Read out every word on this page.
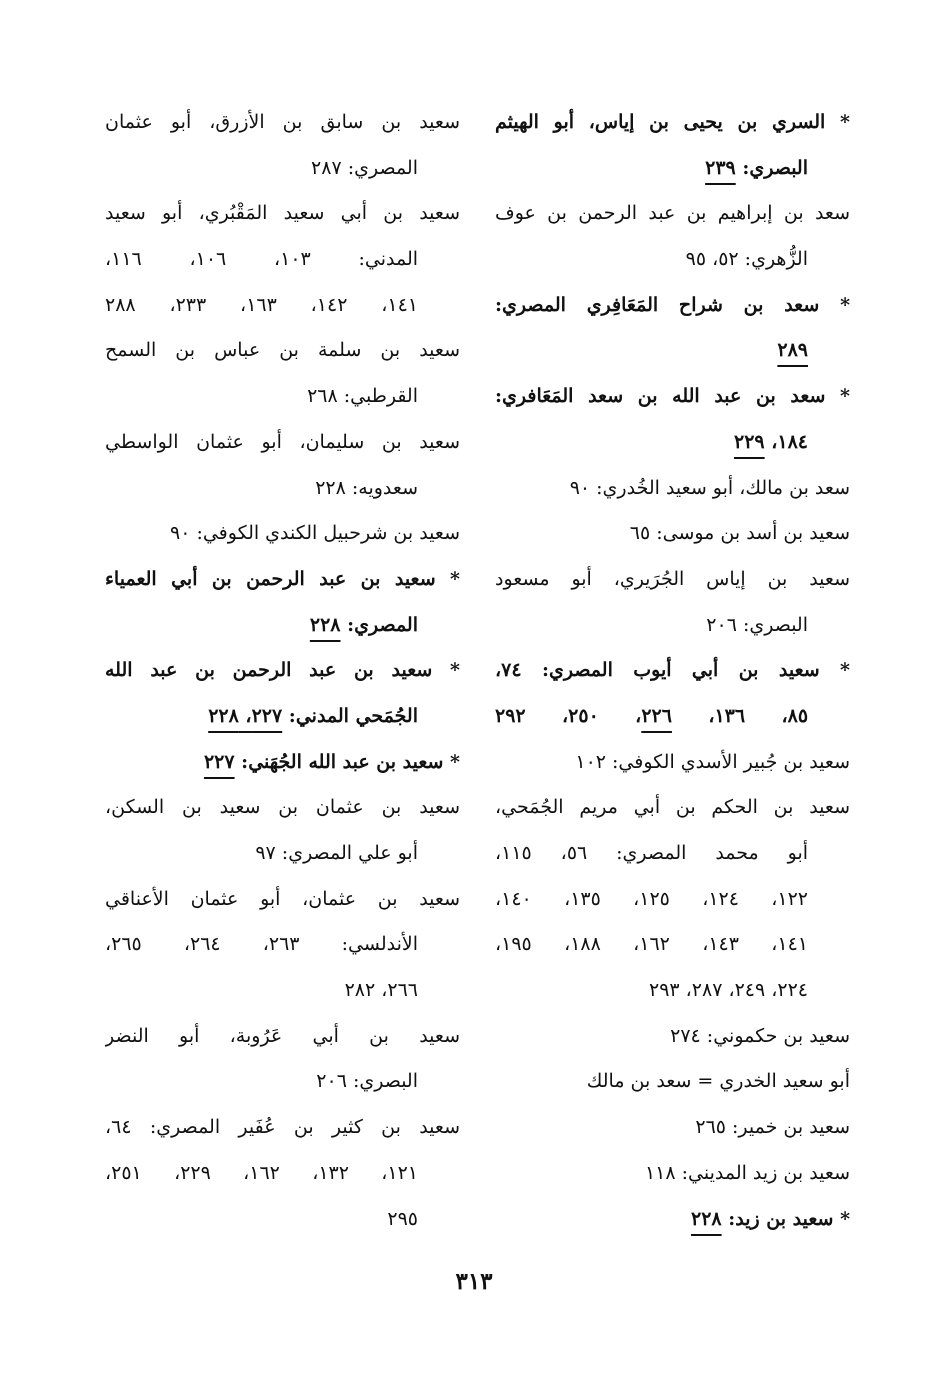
* السري بن يحيى بن إياس، أبو الهيثم
البصري: ٢٣٩
سعد بن إبراهيم بن عبد الرحمن بن عوف
الزُّهري: ٥٢، ٩٥
* سعد بن شراح المَعَافِري المصري:
٢٨٩
* سعد بن عبد الله بن سعد المَعَافري:
١٨٤، ٢٢٩
سعد بن مالك، أبو سعيد الخُدري: ٩٠
سعيد بن أسد بن موسى: ٦٥
سعيد بن إياس الجُرَيري، أبو مسعود
البصري: ٢٠٦
* سعيد بن أبي أيوب المصري: ٧٤،
٨٥، ١٣٦، ٢٢٦، ٢٥٠، ٢٩٢
سعيد بن جُبير الأسدي الكوفي: ١٠٢
سعيد بن الحكم بن أبي مريم الجُمَحي،
أبو محمد المصري: ٥٦، ١١٥،
١٢٢، ١٢٤، ١٢٥، ١٣٥، ١٤٠،
١٤١، ١٤٣، ١٦٢، ١٨٨، ١٩٥،
٢٢٤، ٢٤٩، ٢٨٧، ٢٩٣
سعيد بن حكموني: ٢٧٤
أبو سعيد الخدري = سعد بن مالك
سعيد بن خمير: ٢٦٥
سعيد بن زيد المديني: ١١٨
* سعيد بن زيد: ٢٢٨
سعيد بن سابق بن الأزرق، أبو عثمان
المصري: ٢٨٧
سعيد بن أبي سعيد المَقْبُري، أبو سعيد
المدني: ١٠٣، ١٠٦، ١١٦،
١٤١، ١٤٢، ١٦٣، ٢٣٣، ٢٨٨
سعيد بن سلمة بن عباس بن السمح
القرطبي: ٢٦٨
سعيد بن سليمان، أبو عثمان الواسطي
سعدويه: ٢٢٨
سعيد بن شرحبيل الكندي الكوفي: ٩٠
* سعيد بن عبد الرحمن بن أبي العمياء
المصري: ٢٢٨
* سعيد بن عبد الرحمن بن عبد الله
الجُمَحي المدني: ٢٢٧، ٢٢٨
* سعيد بن عبد الله الجُهَني: ٢٢٧
سعيد بن عثمان بن سعيد بن السكن،
أبو علي المصري: ٩٧
سعيد بن عثمان، أبو عثمان الأعناقي
الأندلسي: ٢٦٣، ٢٦٤، ٢٦٥،
٢٦٦، ٢٨٢
سعيد بن أبي عَرُوبة، أبو النضر
البصري: ٢٠٦
سعيد بن كثير بن عُفَير المصري: ٦٤،
١٢١، ١٣٢، ١٦٢، ٢٢٩، ٢٥١،
٢٩٥
٣١٣
